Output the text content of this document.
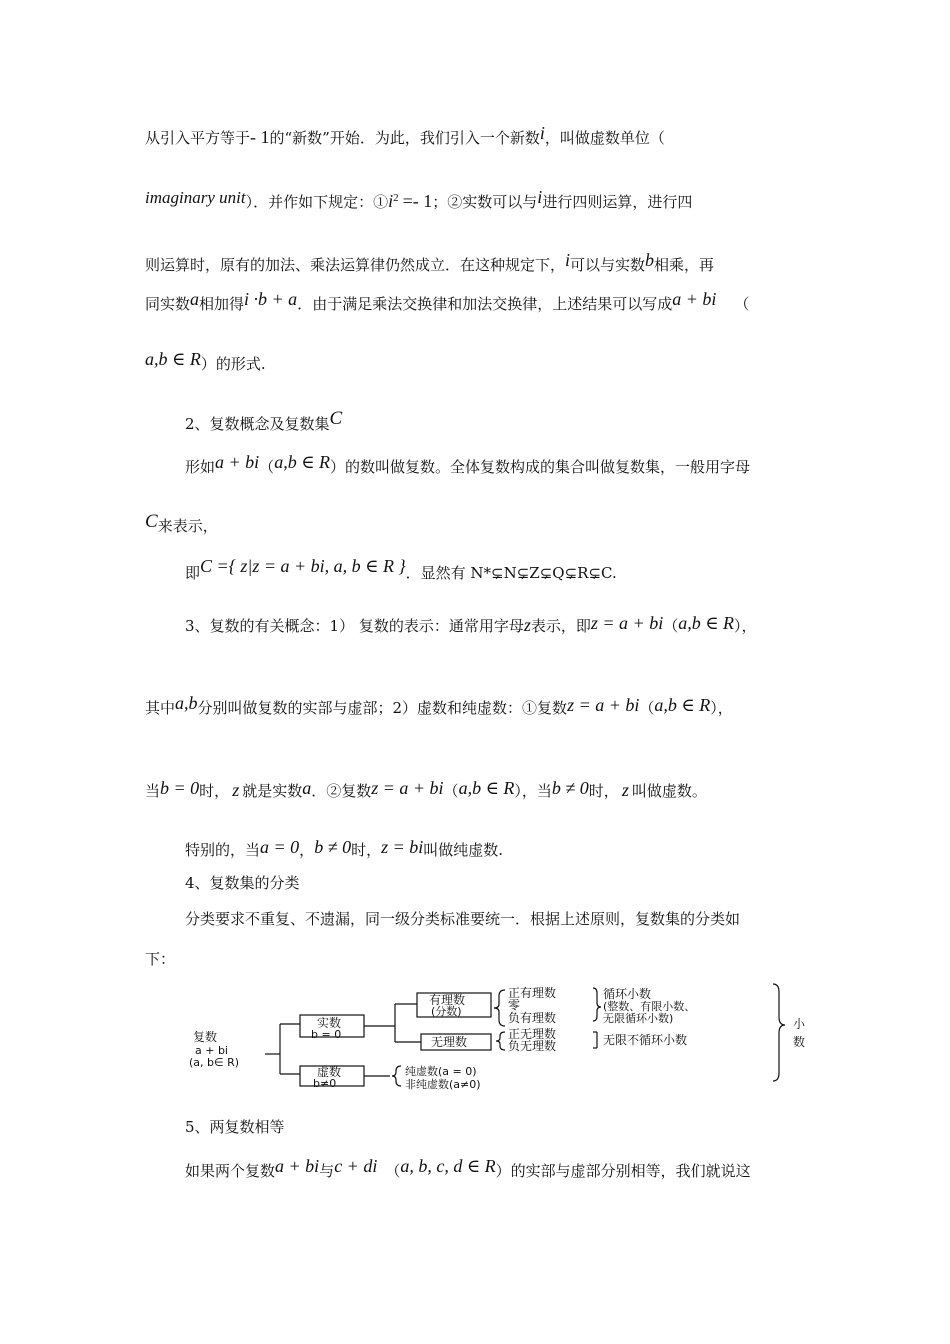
从引入平方等于- 1的“新数”开始．为此，我们引入一个新数i，叫做虚数单位（
imaginary unit）．并作如下规定：$①i^2 =- 1$；②实数可以与i进行四则运算，进行四
则运算时，原有的加法、乘法运算律仍然成立．在这种规定下，i可以与实数b相乘，再
同实数a相加得i ·b + a．由于满足乘法交换律和加法交换律，上述结果可以写成a + bi （
a,b ∈ R）的形式.
2、复数概念及复数集C
形如a + bi（a,b ∈ R）的数叫做复数。全体复数构成的集合叫做复数集，一般用字母
C来表示，
即C ={ z|z = a + bi, a, b ∈ R }．显然有 N*⊊N⊊Z⊊Q⊊R⊊C.
3、复数的有关概念：1） 复数的表示：通常用字母z表示，即z = a + bi（a,b ∈ R），
其中a,b分别叫做复数的实部与虚部；2）虚数和纯虚数：①复数z = a + bi（a,b ∈ R），
当b = 0时， z 就是实数a．②复数z = a + bi（a,b ∈ R），当b ≠ 0时， z 叫做虚数。
特别的，当a = 0，b ≠ 0时，z = bi叫做纯虚数.
4、复数集的分类
分类要求不重复、不遗漏，同一级分类标准要统一．根据上述原则，复数集的分类如
下：
复数
a + bi
(a, b∈ R)
实数
b = 0
虚数
b≠0
有理数
(分数)
无理数
正有理数
零
负有理数
正无理数
负无理数
循环小数
(整数、有限小数、
无限循环小数)
无限不循环小数
纯虚数(a = 0)
非纯虚数(a≠0)
小
数
5、两复数相等
如果两个复数a + bi与c + di （a, b, c, d ∈ R）的实部与虚部分别相等，我们就说这
